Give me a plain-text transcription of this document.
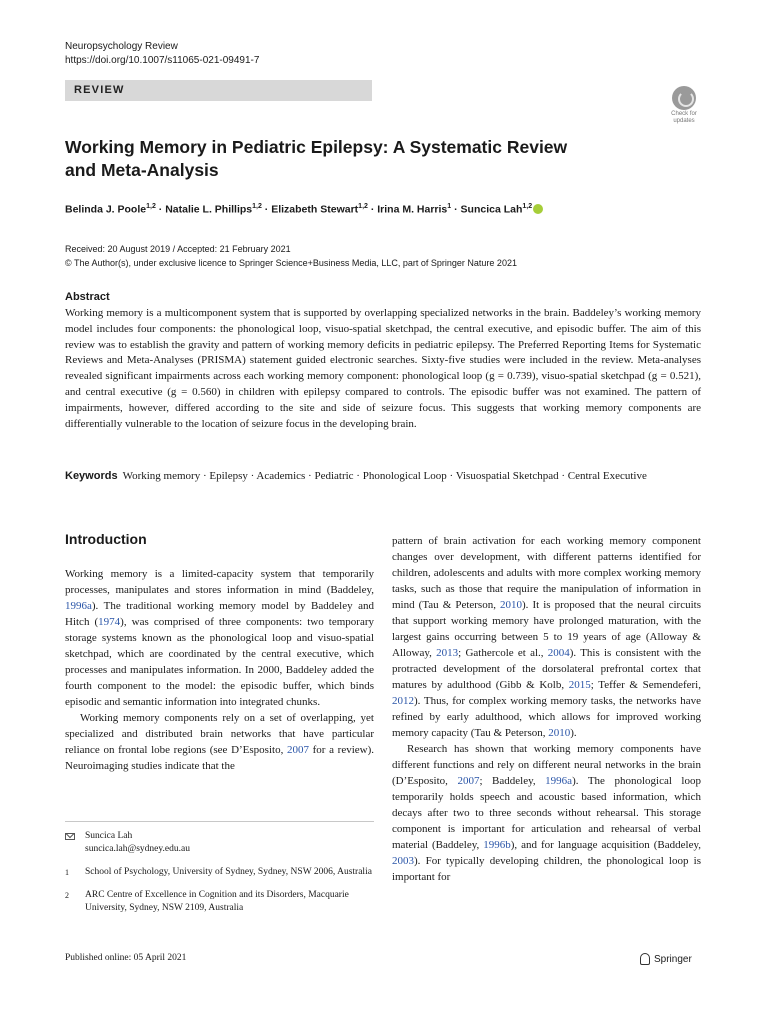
Neuropsychology Review
https://doi.org/10.1007/s11065-021-09491-7
REVIEW
Check for
updates
Working Memory in Pediatric Epilepsy: A Systematic Review and Meta-Analysis
Belinda J. Poole$^{1,2}$ · Natalie L. Phillips$^{1,2}$ · Elizabeth Stewart$^{1,2}$ · Irina M. Harris$^1$ · Suncica Lah$^{1,2}$
Received: 20 August 2019 / Accepted: 21 February 2021
© The Author(s), under exclusive licence to Springer Science+Business Media, LLC, part of Springer Nature 2021
Abstract

Working memory is a multicomponent system that is supported by overlapping specialized networks in the brain. Baddeley’s working memory model includes four components: the phonological loop, visuo-spatial sketchpad, the central executive, and episodic buffer. The aim of this review was to establish the gravity and pattern of working memory deficits in pediatric epilepsy. The Preferred Reporting Items for Systematic Reviews and Meta-Analyses (PRISMA) statement guided electronic searches. Sixty-five studies were included in the review. Meta-analyses revealed significant impairments across each working memory component: phonological loop (g = 0.739), visuo-spatial sketchpad (g = 0.521), and central executive (g = 0.560) in children with epilepsy compared to controls. The episodic buffer was not examined. The pattern of impairments, however, differed according to the site and side of seizure focus. This suggests that working memory components are differentially vulnerable to the location of seizure focus in the developing brain.

Keywords Working memory · Epilepsy · Academics · Pediatric · Phonological Loop · Visuospatial Sketchpad · Central Executive
Introduction

Working memory is a limited-capacity system that temporarily processes, manipulates and stores information in mind (Baddeley, 1996a). The traditional working memory model by Baddeley and Hitch (1974), was comprised of three components: two temporary storage systems known as the phonological loop and visuo-spatial sketchpad, which are coordinated by the central executive, which processes and manipulates information. In 2000, Baddeley added the fourth component to the model: the episodic buffer, which binds episodic and semantic information into integrated chunks.

Working memory components rely on a set of overlapping, yet specialized and distributed brain networks that have particular reliance on frontal lobe regions (see D’Esposito, 2007 for a review). Neuroimaging studies indicate that the

pattern of brain activation for each working memory component changes over development, with different patterns identified for children, adolescents and adults with more complex working memory tasks, such as those that require the manipulation of information in mind (Tau & Peterson, 2010). It is proposed that the neural circuits that support working memory have prolonged maturation, with the largest gains occurring between 5 to 19 years of age (Alloway & Alloway, 2013; Gathercole et al., 2004). This is consistent with the protracted development of the dorsolateral prefrontal cortex that matures by adulthood (Gibb & Kolb, 2015; Teffer & Semendeferi, 2012). Thus, for complex working memory tasks, the networks have refined by early adulthood, which allows for improved working memory capacity (Tau & Peterson, 2010).

Research has shown that working memory components have different functions and rely on different neural networks in the brain (D’Esposito, 2007; Baddeley, 1996a). The phonological loop temporarily holds speech and acoustic based information, which decays after two to three seconds without rehearsal. This storage component is important for articulation and rehearsal of verbal material (Baddeley, 1996b), and for language acquisition (Baddeley, 2003). For typically developing children, the phonological loop is important for

Suncica Lah
suncica.lah@sydney.edu.au
1	School of Psychology, University of Sydney, Sydney, NSW 2006, Australia
2	ARC Centre of Excellence in Cognition and its Disorders, Macquarie University, Sydney, NSW 2109, Australia
Published online: 05 April 2021	Springer
